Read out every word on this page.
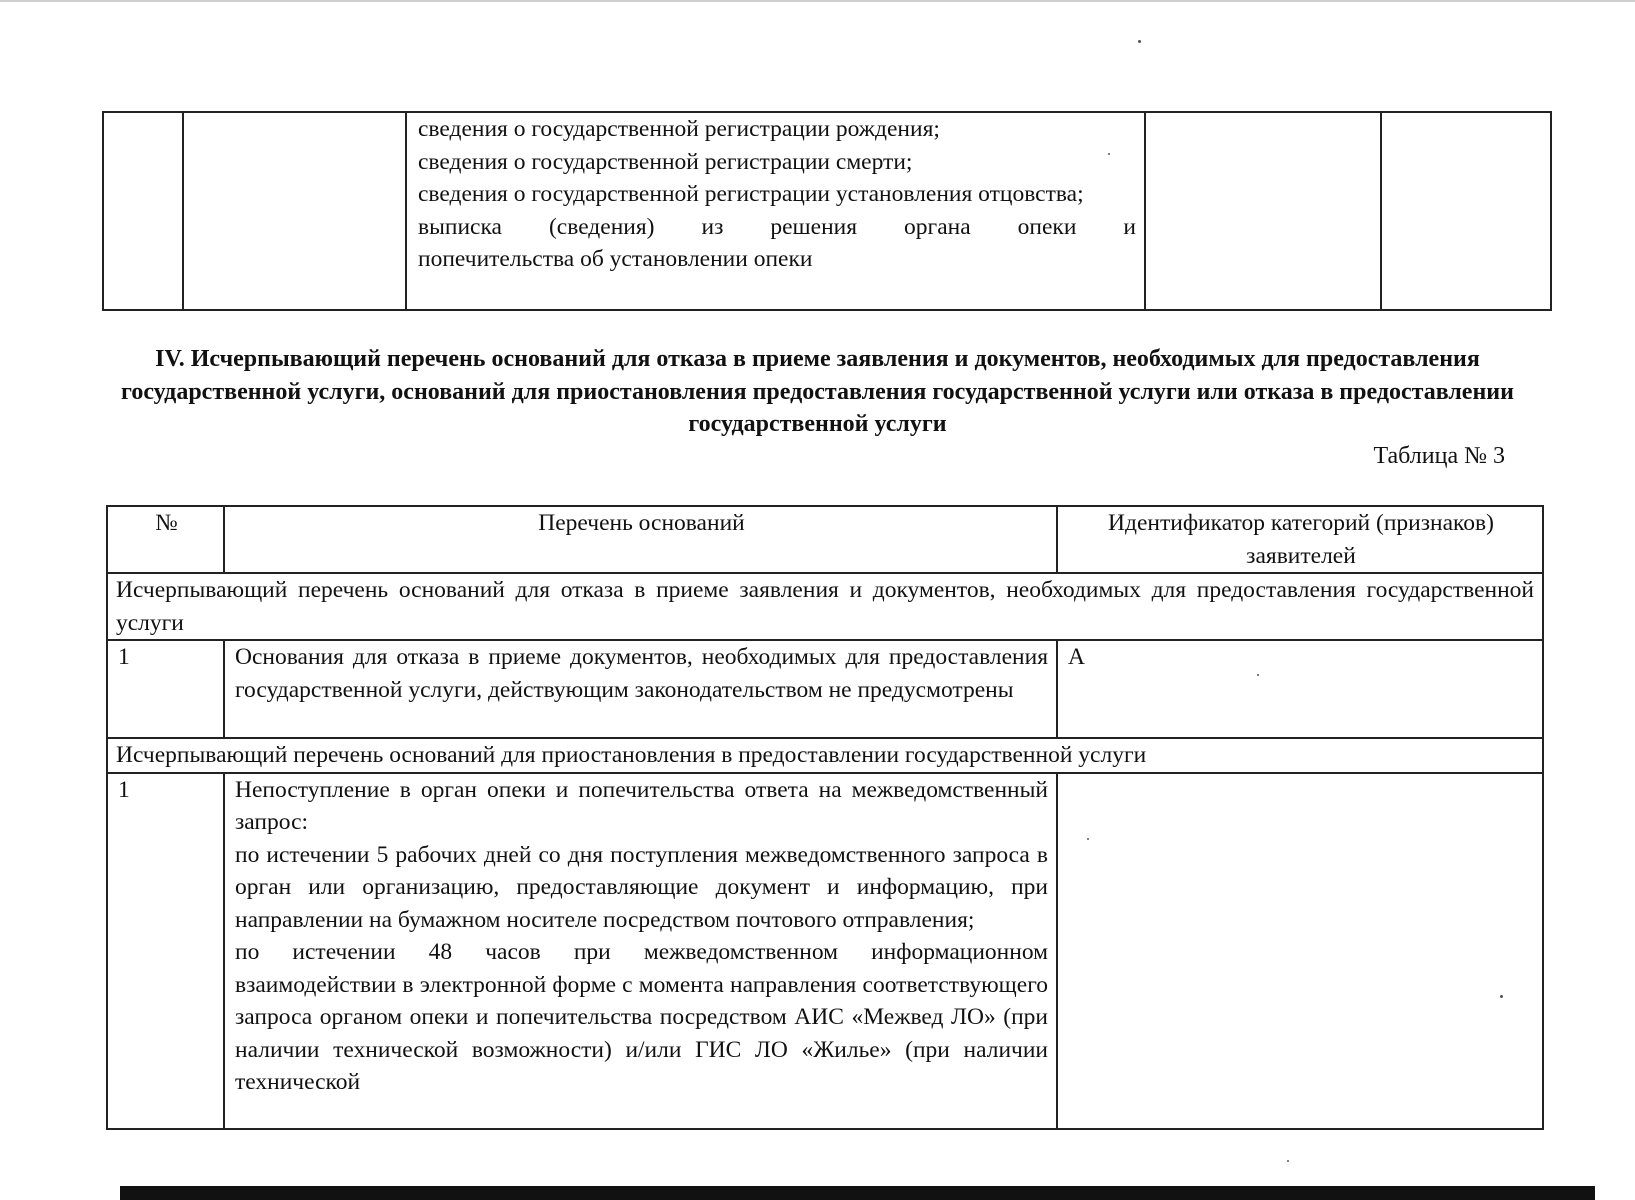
сведения о государственной регистрации рождения;
сведения о государственной регистрации смерти;
сведения о государственной регистрации установления отцовства;
выписка (сведения) из решения органа опеки и
попечительства об установлении опеки

IV. Исчерпывающий перечень оснований для отказа в приеме заявления и документов, необходимых для предоставления государственной услуги, оснований для приостановления предоставления государственной услуги или отказа в предоставлении государственной услуги
Таблица № 3
№	Перечень оснований	Идентификатор категорий (признаков) заявителей
Исчерпывающий перечень оснований для отказа в приеме заявления и документов, необходимых для предоставления государственной услуги		
1	Основания для отказа в приеме документов, необходимых для предоставления государственной услуги, действующим законодательством не предусмотрены	А
Исчерпывающий перечень оснований для приостановления в предоставлении государственной услуги		
1	Непоступление в орган опеки и попечительства ответа на межведомственный запрос:
по истечении 5 рабочих дней со дня поступления межведомственного запроса в орган или организацию, предоставляющие документ и информацию, при направлении на бумажном носителе посредством почтового отправления;
по истечении 48 часов при межведомственном информационном взаимодействии в электронной форме с момента направления соответствующего запроса органом опеки и попечительства посредством АИС «Межвед ЛО» (при наличии технической возможности) и/или ГИС ЛО «Жилье» (при наличии технической	
